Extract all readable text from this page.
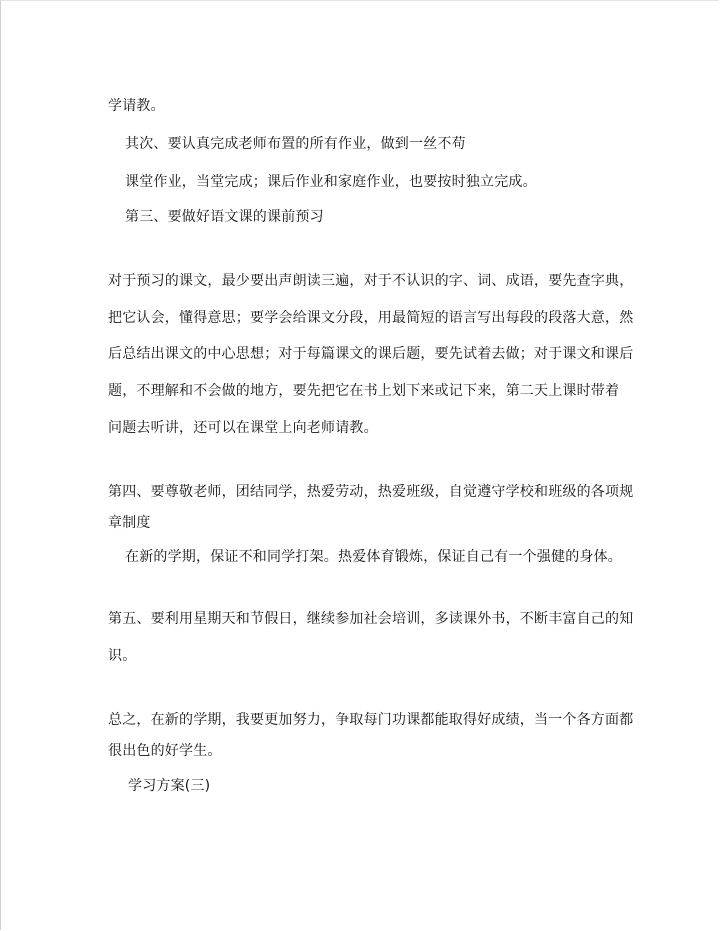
学请教。
其次、要认真完成老师布置的所有作业，做到一丝不苟
课堂作业，当堂完成；课后作业和家庭作业，也要按时独立完成。
第三、要做好语文课的课前预习
对于预习的课文，最少要出声朗读三遍，对于不认识的字、词、成语，要先查字典，
把它认会，懂得意思；要学会给课文分段，用最简短的语言写出每段的段落大意，然
后总结出课文的中心思想；对于每篇课文的课后题，要先试着去做；对于课文和课后
题，不理解和不会做的地方，要先把它在书上划下来或记下来，第二天上课时带着
问题去听讲，还可以在课堂上向老师请教。
第四、要尊敬老师，团结同学，热爱劳动，热爱班级，自觉遵守学校和班级的各项规
章制度
在新的学期，保证不和同学打架。热爱体育锻炼，保证自己有一个强健的身体。
第五、要利用星期天和节假日，继续参加社会培训，多读课外书，不断丰富自己的知
识。
总之，在新的学期，我要更加努力，争取每门功课都能取得好成绩，当一个各方面都
很出色的好学生。
学习方案(三)
